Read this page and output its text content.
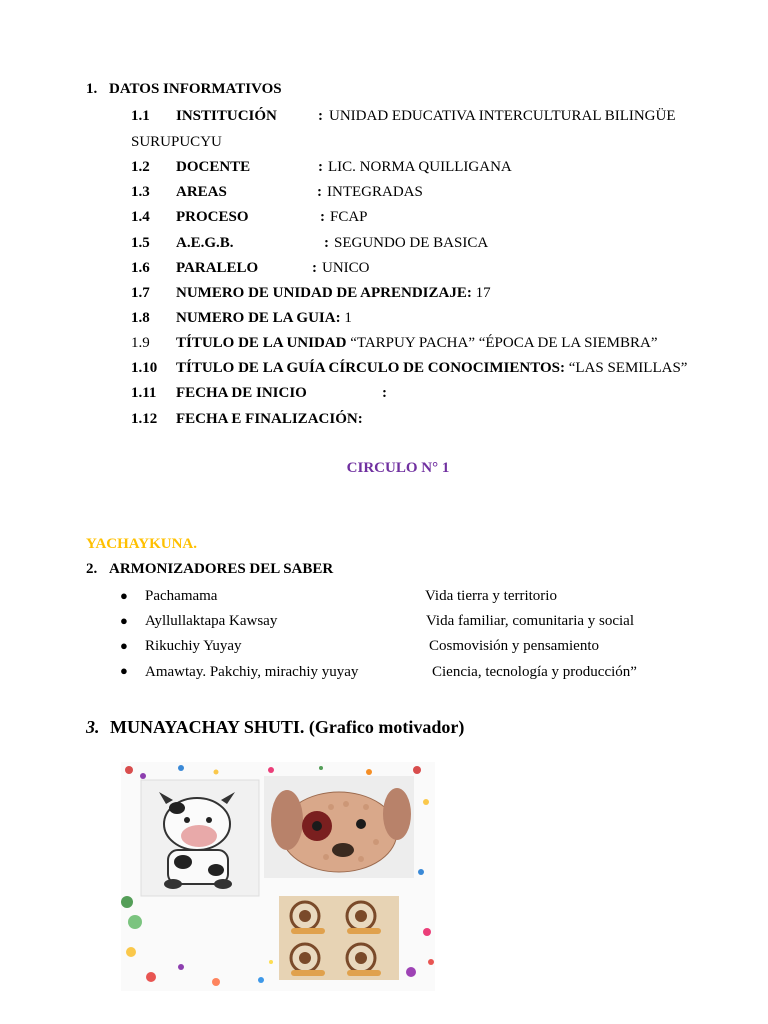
1. DATOS INFORMATIVOS
1.1 INSTITUCIÓN	: UNIDAD EDUCATIVA INTERCULTURAL BILINGÜE
SURUPUCYU
1.2 DOCENTE	: LIC. NORMA QUILLIGANA
1.3 AREAS	: INTEGRADAS
1.4 PROCESO	: FCAP
1.5 A.E.G.B.	: SEGUNDO DE BASICA
1.6 PARALELO	: UNICO
1.7 NUMERO DE UNIDAD DE APRENDIZAJE: 17
1.8 NUMERO DE LA GUIA: 1
1.9 TÍTULO DE LA UNIDAD “TARPUY PACHA” “ÉPOCA DE LA SIEMBRA”
1.10 TÍTULO DE LA GUÍA CÍRCULO DE CONOCIMIENTOS: “LAS SEMILLAS”
1.11 FECHA DE INICIO	:
1.12 FECHA E FINALIZACIÓN:
CIRCULO N° 1
YACHAYKUNA.
2. ARMONIZADORES DEL SABER
● Pachamama	Vida tierra y territorio
● Ayllullaktapa Kawsay	Vida familiar, comunitaria y social
● Rikuchiy Yuyay	Cosmovisión y pensamiento
● Amawtay. Pakchiy, mirachiy yuyay	Ciencia, tecnología y producción”
3. MUNAYACHAY SHUTI. (Grafico motivador)
